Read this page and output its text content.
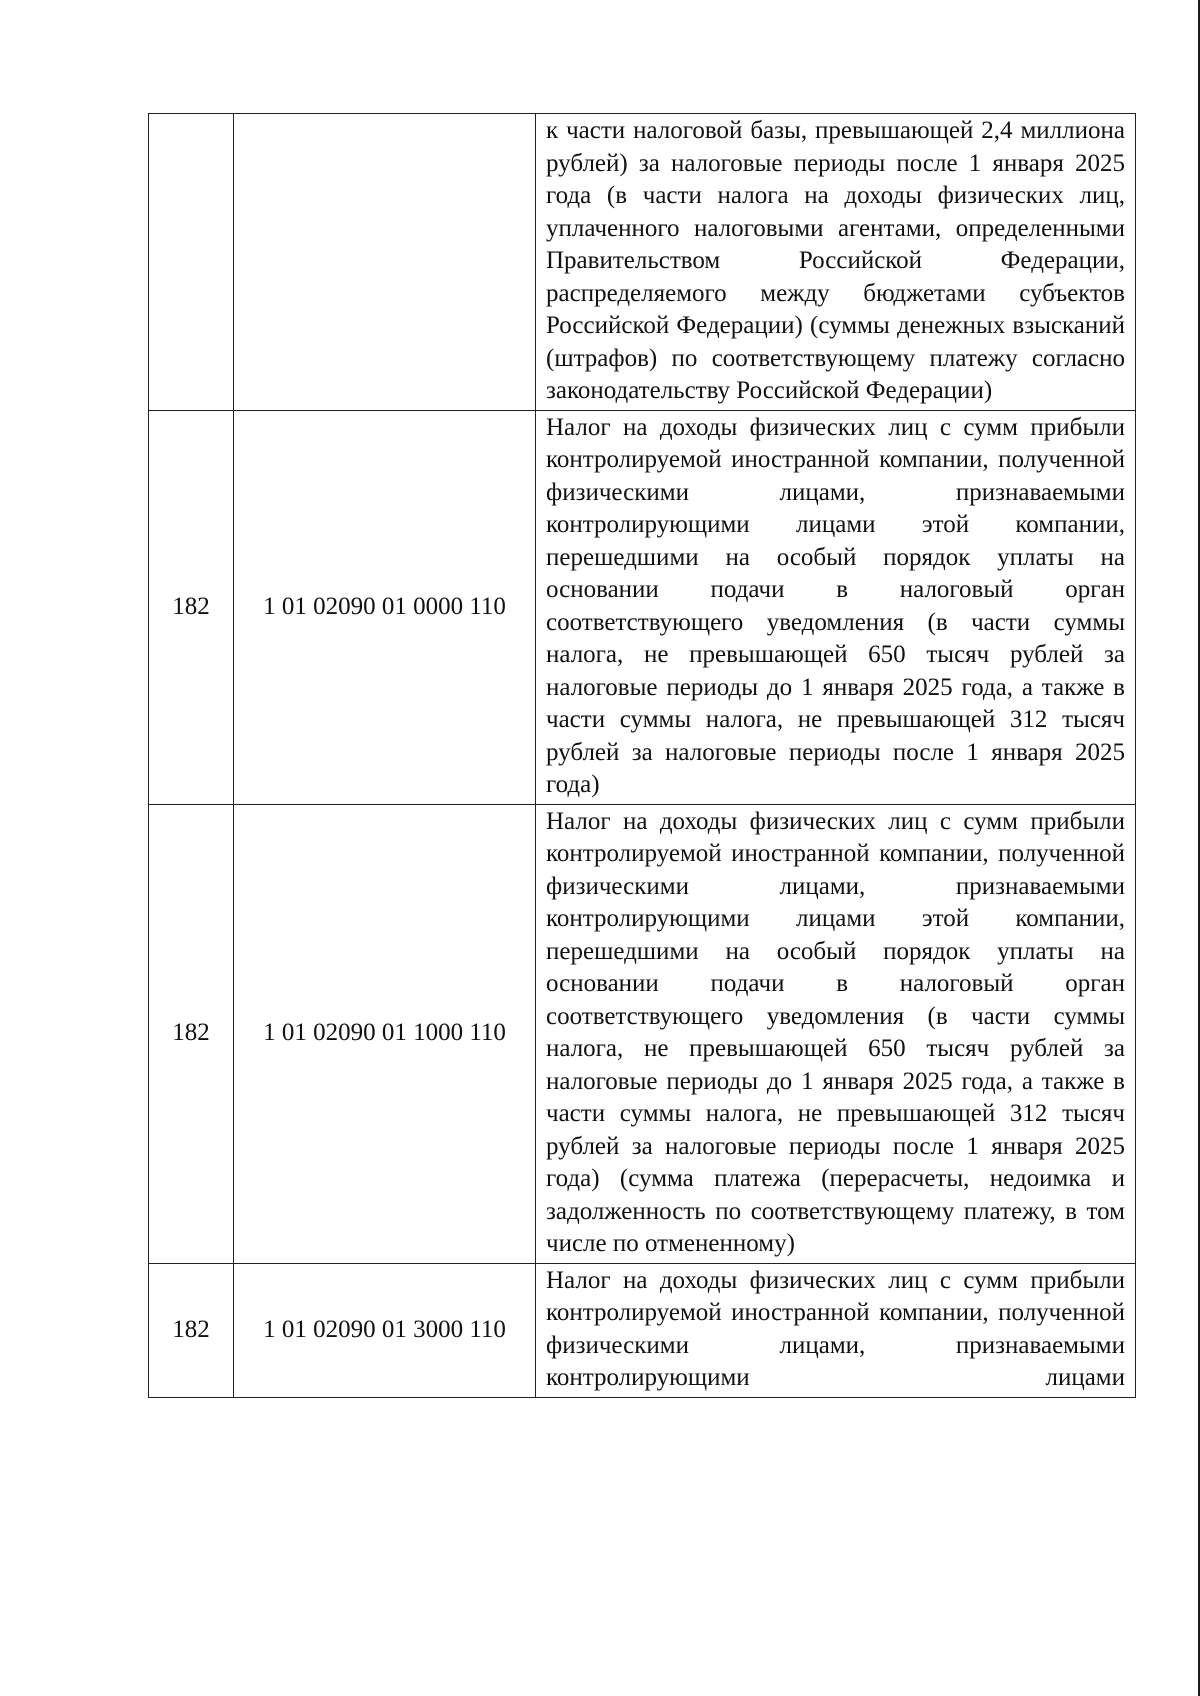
		к части налоговой базы, превышающей 2,4 миллиона рублей) за налоговые периоды после 1 января 2025 года (в части налога на доходы физических лиц, уплаченного налоговыми агентами, определенными Правительством Российской Федерации, распределяемого между бюджетами субъектов Российской Федерации) (суммы денежных взысканий (штрафов) по соответствующему платежу согласно законодательству Российской Федерации)
182	1 01 02090 01 0000 110	Налог на доходы физических лиц с сумм прибыли контролируемой иностранной компании, полученной физическими лицами, признаваемыми контролирующими лицами этой компании, перешедшими на особый порядок уплаты на основании подачи в налоговый орган соответствующего уведомления (в части суммы налога, не превышающей 650 тысяч рублей за налоговые периоды до 1 января 2025 года, а также в части суммы налога, не превышающей 312 тысяч рублей за налоговые периоды после 1 января 2025 года)
182	1 01 02090 01 1000 110	Налог на доходы физических лиц с сумм прибыли контролируемой иностранной компании, полученной физическими лицами, признаваемыми контролирующими лицами этой компании, перешедшими на особый порядок уплаты на основании подачи в налоговый орган соответствующего уведомления (в части суммы налога, не превышающей 650 тысяч рублей за налоговые периоды до 1 января 2025 года, а также в части суммы налога, не превышающей 312 тысяч рублей за налоговые периоды после 1 января 2025 года) (сумма платежа (перерасчеты, недоимка и задолженность по соответствующему платежу, в том числе по отмененному)
182	1 01 02090 01 3000 110	Налог на доходы физических лиц с сумм прибыли контролируемой иностранной компании, полученной физическими лицами, признаваемыми контролирующими лицами
